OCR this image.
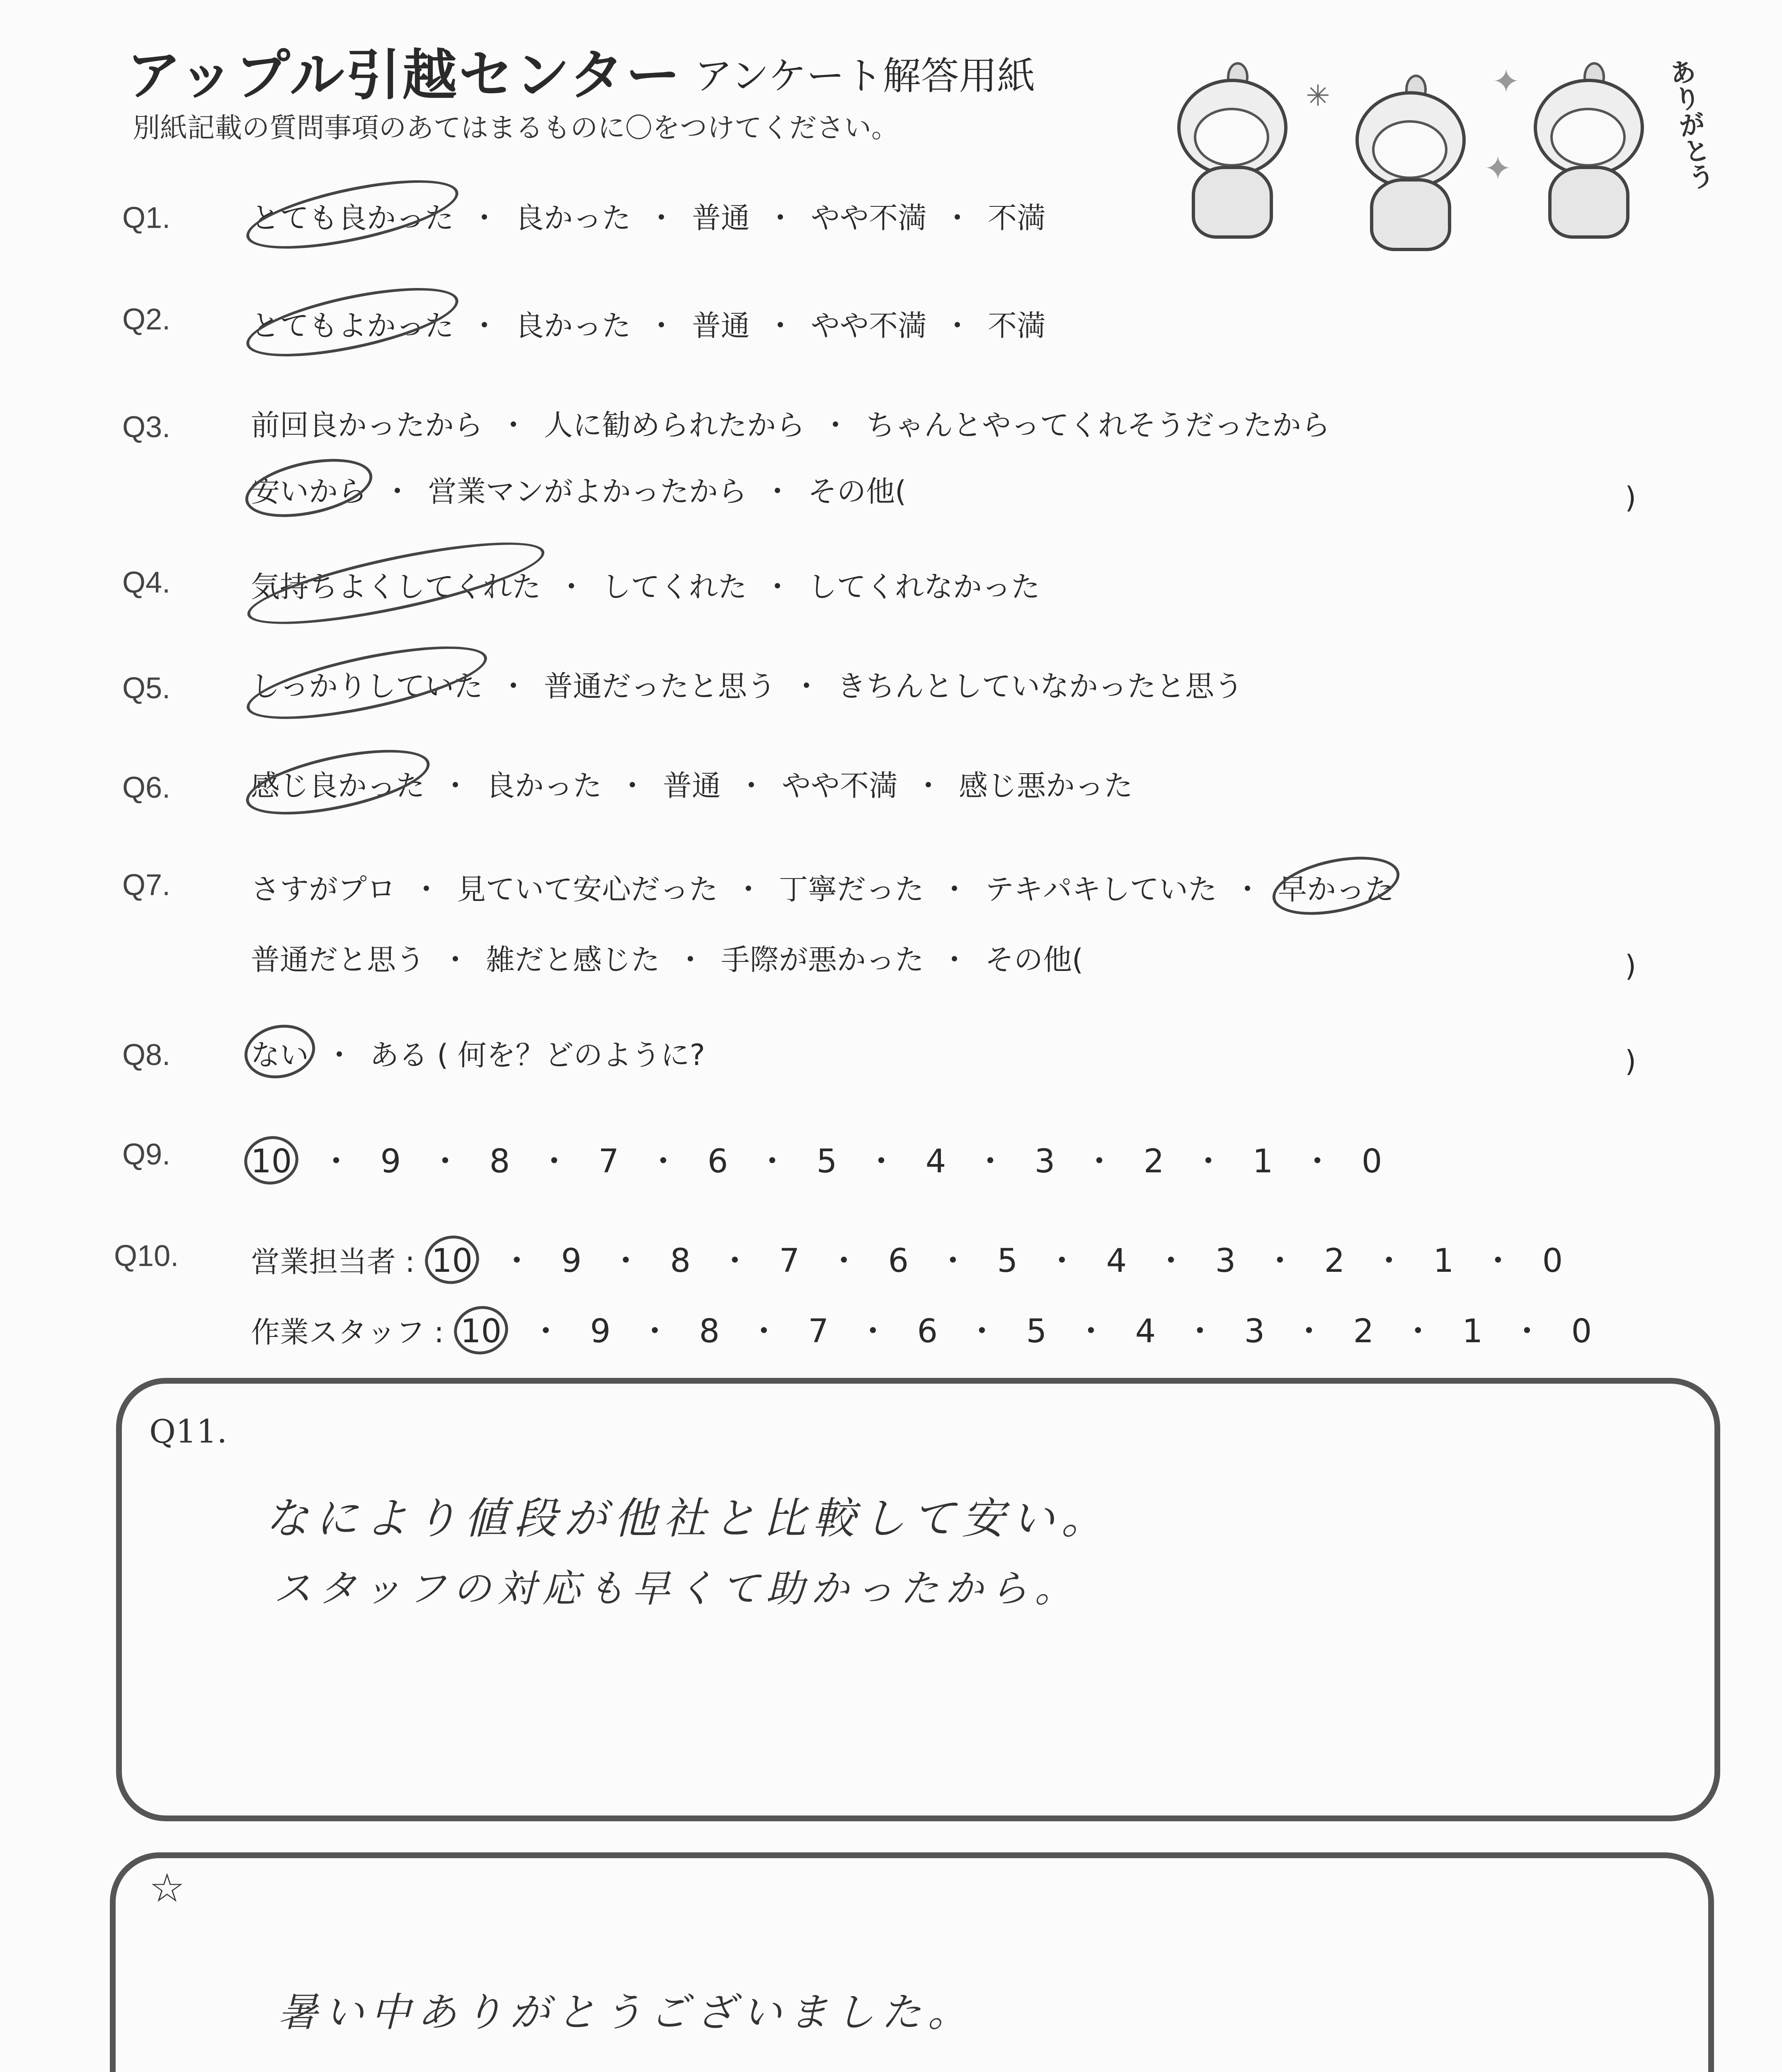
アップル引越センター アンケート解答用紙
別紙記載の質問事項のあてはまるものに〇をつけてください。
✳	✦
✦	ありがとう
Q1.	とても良かった ・ 良かった ・ 普通 ・ やや不満 ・ 不満
Q2.	とてもよかった ・ 良かった ・ 普通 ・ やや不満 ・ 不満
Q3.	前回良かったから ・ 人に勧められたから ・ ちゃんとやってくれそうだったから
安いから ・ 営業マンがよかったから ・ その他(	)
Q4.	気持ちよくしてくれた ・ してくれた ・ してくれなかった
Q5.	しっかりしていた ・ 普通だったと思う ・ きちんとしていなかったと思う
Q6.	感じ良かった ・ 良かった ・ 普通 ・ やや不満 ・ 感じ悪かった
Q7.	さすがプロ ・ 見ていて安心だった ・ 丁寧だった ・ テキパキしていた ・ 早かった
普通だと思う ・ 雑だと感じた ・ 手際が悪かった ・ その他(	)
Q8.	ない ・ ある ( 何を？どのように?	)
Q9. 10 ・ 9 ・ 8 ・ 7 ・ 6 ・ 5 ・ 4 ・ 3 ・ 2 ・ 1 ・ 0
Q10. 営業担当者 : 10 ・ 9 ・ 8 ・ 7 ・ 6 ・ 5 ・ 4 ・ 3 ・ 2 ・ 1 ・ 0
作業スタッフ : 10 ・ 9 ・ 8 ・ 7 ・ 6 ・ 5 ・ 4 ・ 3 ・ 2 ・ 1 ・ 0
Q11.
なにより値段が他社と比較して安い。
スタッフの対応も早くて助かったから。
☆
暑い中ありがとうございました。
